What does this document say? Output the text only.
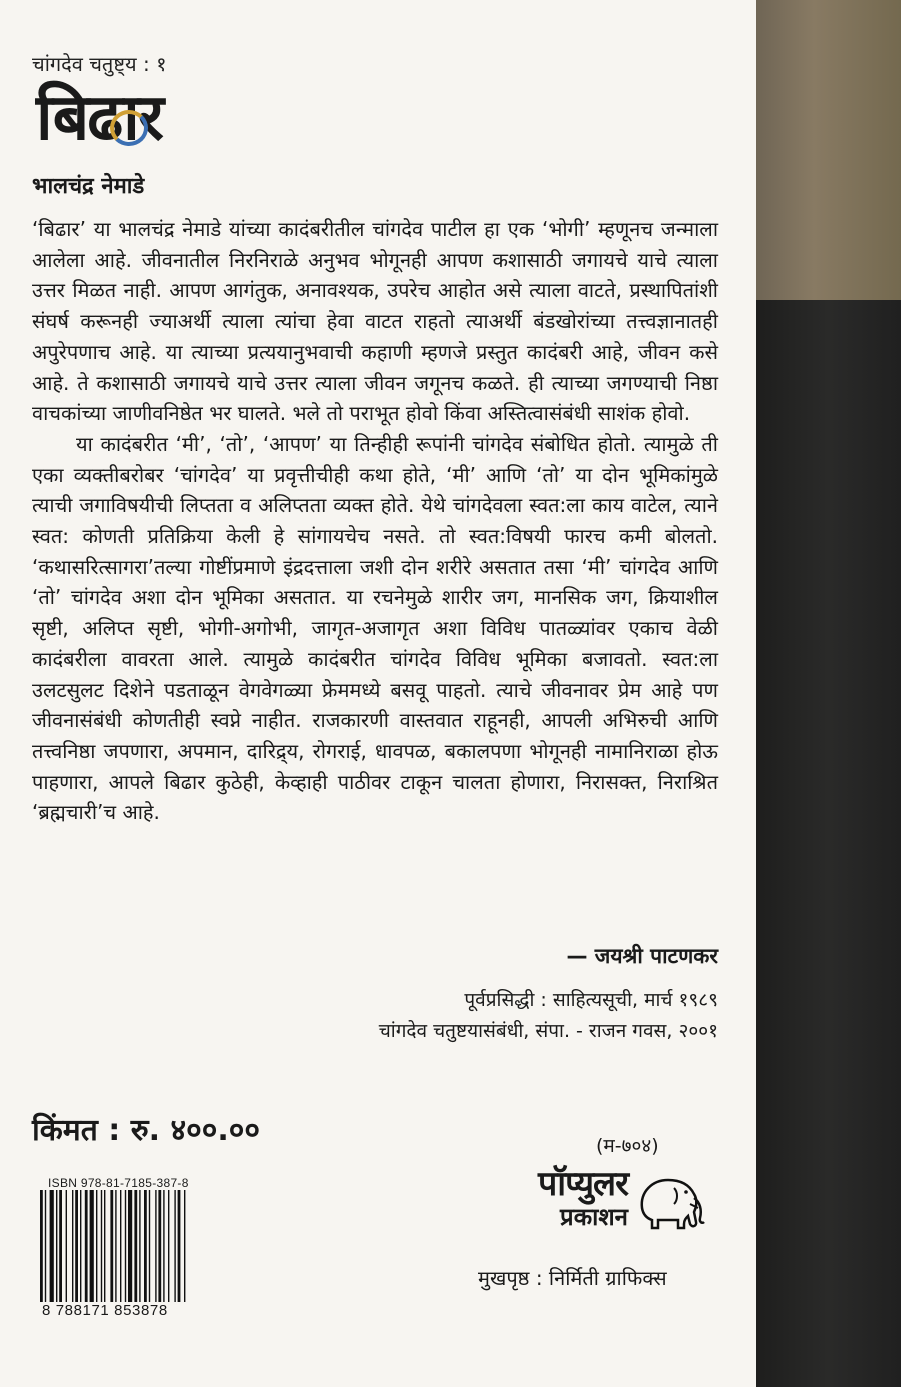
चांगदेव चतुष्ट्य : १
बिढार
भालचंद्र नेमाडे

‘बिढार’ या भालचंद्र नेमाडे यांच्या कादंबरीतील चांगदेव पाटील हा एक ‘भोगी’ म्हणूनच जन्माला आलेला आहे. जीवनातील निरनिराळे अनुभव भोगूनही आपण कशासाठी जगायचे याचे त्याला उत्तर मिळत नाही. आपण आगंतुक, अनावश्यक, उपरेच आहोत असे त्याला वाटते, प्रस्थापितांशी संघर्ष करूनही ज्याअर्थी त्याला त्यांचा हेवा वाटत राहतो त्याअर्थी बंडखोरांच्या तत्त्वज्ञानातही अपुरेपणाच आहे. या त्याच्या प्रत्ययानुभवाची कहाणी म्हणजे प्रस्तुत कादंबरी आहे, जीवन कसे आहे. ते कशासाठी जगायचे याचे उत्तर त्याला जीवन जगूनच कळते. ही त्याच्या जगण्याची निष्ठा वाचकांच्या जाणीवनिष्ठेत भर घालते. भले तो पराभूत होवो किंवा अस्तित्वासंबंधी साशंक होवो.

या कादंबरीत ‘मी’, ‘तो’, ‘आपण’ या तिन्हीही रूपांनी चांगदेव संबोधित होतो. त्यामुळे ती एका व्यक्तीबरोबर ‘चांगदेव’ या प्रवृत्तीचीही कथा होते, ‘मी’ आणि ‘तो’ या दोन भूमिकांमुळे त्याची जगाविषयीची लिप्तता व अलिप्तता व्यक्त होते. येथे चांगदेवला स्वत:ला काय वाटेल, त्याने स्वत: कोणती प्रतिक्रिया केली हे सांगायचेच नसते. तो स्वत:विषयी फारच कमी बोलतो. ‘कथासरित्सागरा’तल्या गोष्टींप्रमाणे इंद्रदत्ताला जशी दोन शरीरे असतात तसा ‘मी’ चांगदेव आणि ‘तो’ चांगदेव अशा दोन भूमिका असतात. या रचनेमुळे शारीर जग, मानसिक जग, क्रियाशील सृष्टी, अलिप्त सृष्टी, भोगी-अगोभी, जागृत-अजागृत अशा विविध पातळ्यांवर एकाच वेळी कादंबरीला वावरता आले. त्यामुळे कादंबरीत चांगदेव विविध भूमिका बजावतो. स्वत:ला उलटसुलट दिशेने पडताळून वेगवेगळ्या फ्रेममध्ये बसवू पाहतो. त्याचे जीवनावर प्रेम आहे पण जीवनासंबंधी कोणतीही स्वप्ने नाहीत. राजकारणी वास्तवात राहूनही, आपली अभिरुची आणि तत्त्वनिष्ठा जपणारा, अपमान, दारिद्र्य, रोगराई, धावपळ, बकालपणा भोगूनही नामानिराळा होऊ पाहणारा, आपले बिढार कुठेही, केव्हाही पाठीवर टाकून चालता होणारा, निरासक्त, निराश्रित ‘ब्रह्मचारी’च आहे.

— जयश्री पाटणकर
पूर्वप्रसिद्धी : साहित्यसूची, मार्च १९८९
चांगदेव चतुष्टयासंबंधी, संपा. - राजन गवस, २००१
किंमत : रु. ४००.००	(म-७०४)
ISBN 978-81-7185-387-8
8 788171 853878
पॉप्युलर
प्रकाशन
मुखपृष्ठ : निर्मिती ग्राफिक्स
